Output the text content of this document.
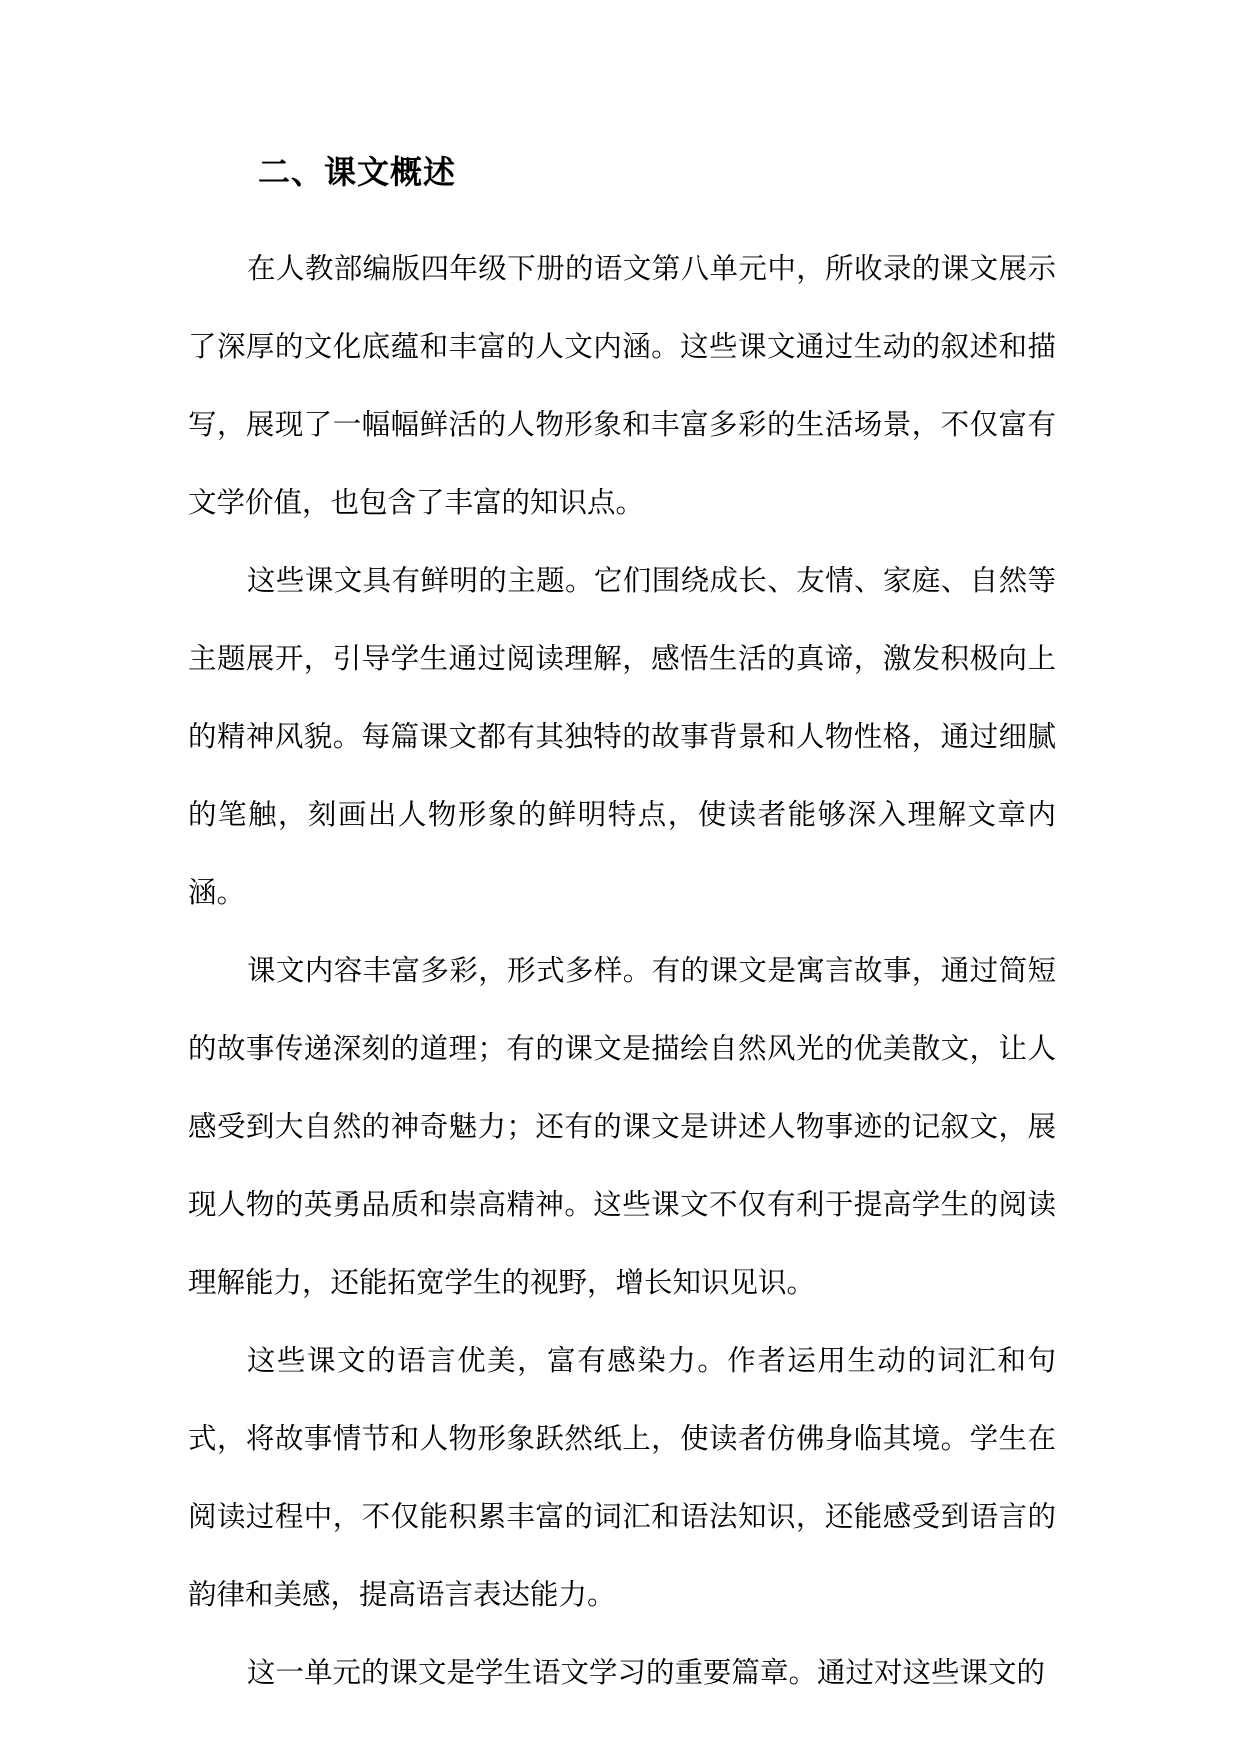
二、课文概述

在人教部编版四年级下册的语文第八单元中，所收录的课文展示了深厚的文化底蕴和丰富的人文内涵。这些课文通过生动的叙述和描写，展现了一幅幅鲜活的人物形象和丰富多彩的生活场景，不仅富有文学价值，也包含了丰富的知识点。

这些课文具有鲜明的主题。它们围绕成长、友情、家庭、自然等主题展开，引导学生通过阅读理解，感悟生活的真谛，激发积极向上的精神风貌。每篇课文都有其独特的故事背景和人物性格，通过细腻的笔触，刻画出人物形象的鲜明特点，使读者能够深入理解文章内涵。

课文内容丰富多彩，形式多样。有的课文是寓言故事，通过简短的故事传递深刻的道理；有的课文是描绘自然风光的优美散文，让人感受到大自然的神奇魅力；还有的课文是讲述人物事迹的记叙文，展现人物的英勇品质和崇高精神。这些课文不仅有利于提高学生的阅读理解能力，还能拓宽学生的视野，增长知识见识。

这些课文的语言优美，富有感染力。作者运用生动的词汇和句式，将故事情节和人物形象跃然纸上，使读者仿佛身临其境。学生在阅读过程中，不仅能积累丰富的词汇和语法知识，还能感受到语言的韵律和美感，提高语言表达能力。

这一单元的课文是学生语文学习的重要篇章。通过对这些课文的
